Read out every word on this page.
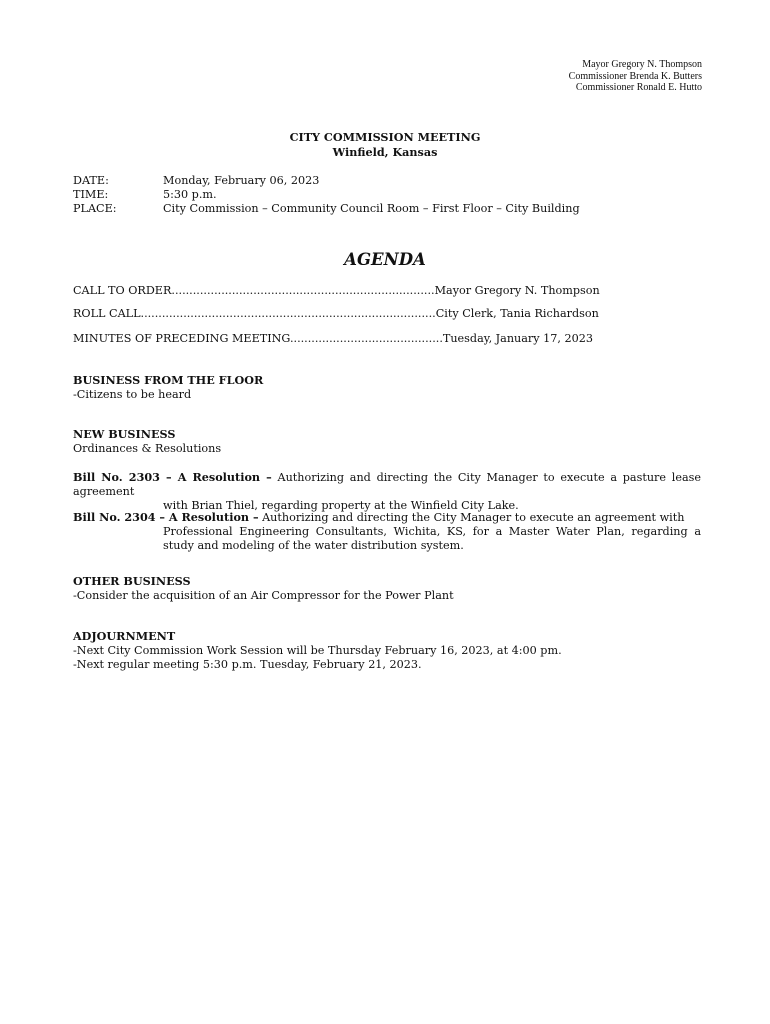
Mayor Gregory N. Thompson
Commissioner Brenda K. Butters
Commissioner Ronald E. Hutto
CITY COMMISSION MEETING
Winfield, Kansas
DATE:	Monday, February 06, 2023
TIME:	5:30 p.m.
PLACE:	City Commission – Community Council Room – First Floor – City Building
AGENDA
CALL TO ORDER..........................................................................Mayor Gregory N. Thompson
ROLL CALL...................................................................................City Clerk, Tania Richardson
MINUTES OF PRECEDING MEETING...........................................Tuesday, January 17, 2023
BUSINESS FROM THE FLOOR
-Citizens to be heard
NEW BUSINESS
Ordinances & Resolutions
Bill No. 2303 – A Resolution – Authorizing and directing the City Manager to execute a pasture lease agreement
with Brian Thiel, regarding property at the Winfield City Lake.
Bill No. 2304 – A Resolution – Authorizing and directing the City Manager to execute an agreement with
Professional Engineering Consultants, Wichita, KS, for a Master Water Plan, regarding a study and modeling of the water distribution system.
OTHER BUSINESS
-Consider the acquisition of an Air Compressor for the Power Plant
ADJOURNMENT
-Next City Commission Work Session will be Thursday February 16, 2023, at 4:00 pm.
-Next regular meeting 5:30 p.m. Tuesday, February 21, 2023.
